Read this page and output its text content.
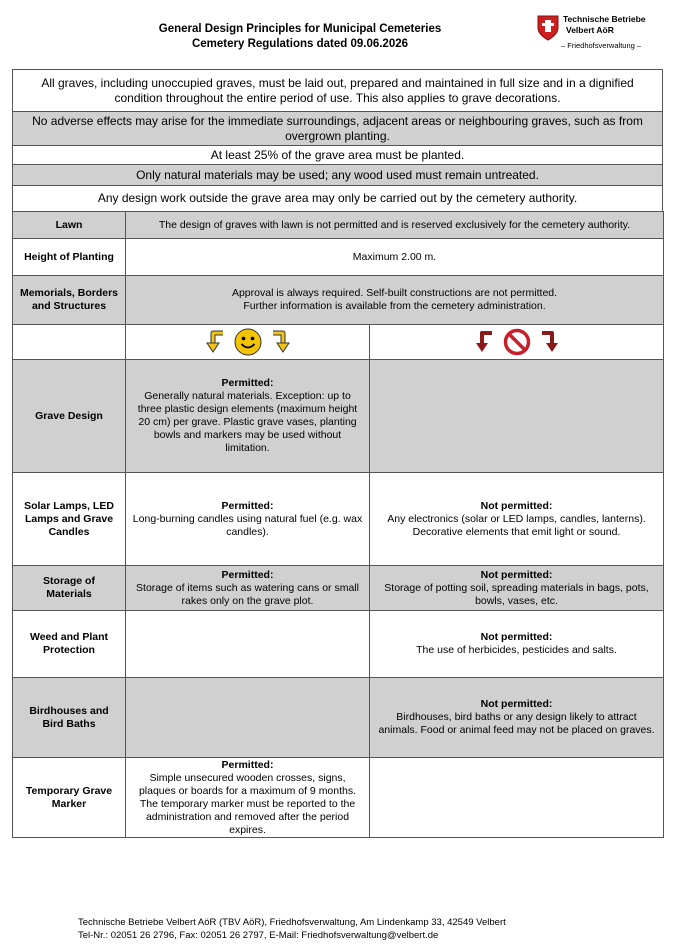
General Design Principles for Municipal Cemeteries
Cemetery Regulations dated 09.06.2026
Technische Betriebe
Velbert AöR
– Friedhofsverwaltung –
All graves, including unoccupied graves, must be laid out, prepared and maintained in full size and in a dignified condition throughout the entire period of use. This also applies to grave decorations.
No adverse effects may arise for the immediate surroundings, adjacent areas or neighbouring graves, such as from overgrown planting.
At least 25% of the grave area must be planted.
Only natural materials may be used; any wood used must remain untreated.
Any design work outside the grave area may only be carried out by the cemetery authority.
Lawn	The design of graves with lawn is not permitted and is reserved exclusively for the cemetery authority.	
Height of Planting	Maximum 2.00 m.	
Memorials, Borders and Structures	Approval is always required. Self-built constructions are not permitted.
Further information is available from the cemetery administration.	

Grave Design	Permitted:
Generally natural materials. Exception: up to three plastic design elements (maximum height 20 cm) per grave. Plastic grave vases, planting bowls and markers may be used without limitation.	

Solar Lamps, LED Lamps and Grave Candles	Permitted:
Long-burning candles using natural fuel (e.g. wax candles).	Not permitted:
Any electronics (solar or LED lamps, candles, lanterns). Decorative elements that emit light or sound.
Storage of Materials	Permitted:
Storage of items such as watering cans or small rakes only on the grave plot.	Not permitted:
Storage of potting soil, spreading materials in bags, pots, bowls, vases, etc.
Weed and Plant Protection		Not permitted:
The use of herbicides, pesticides and salts.
Birdhouses and Bird Baths		Not permitted:
Birdhouses, bird baths or any design likely to attract animals. Food or animal feed may not be placed on graves.
Temporary Grave Marker	Permitted:
Simple unsecured wooden crosses, signs, plaques or boards for a maximum of 9 months. The temporary marker must be reported to the administration and removed after the period expires.	
Technische Betriebe Velbert AöR (TBV AöR), Friedhofsverwaltung, Am Lindenkamp 33, 42549 Velbert
Tel-Nr.: 02051 26 2796, Fax: 02051 26 2797, E-Mail: Friedhofsverwaltung@velbert.de
